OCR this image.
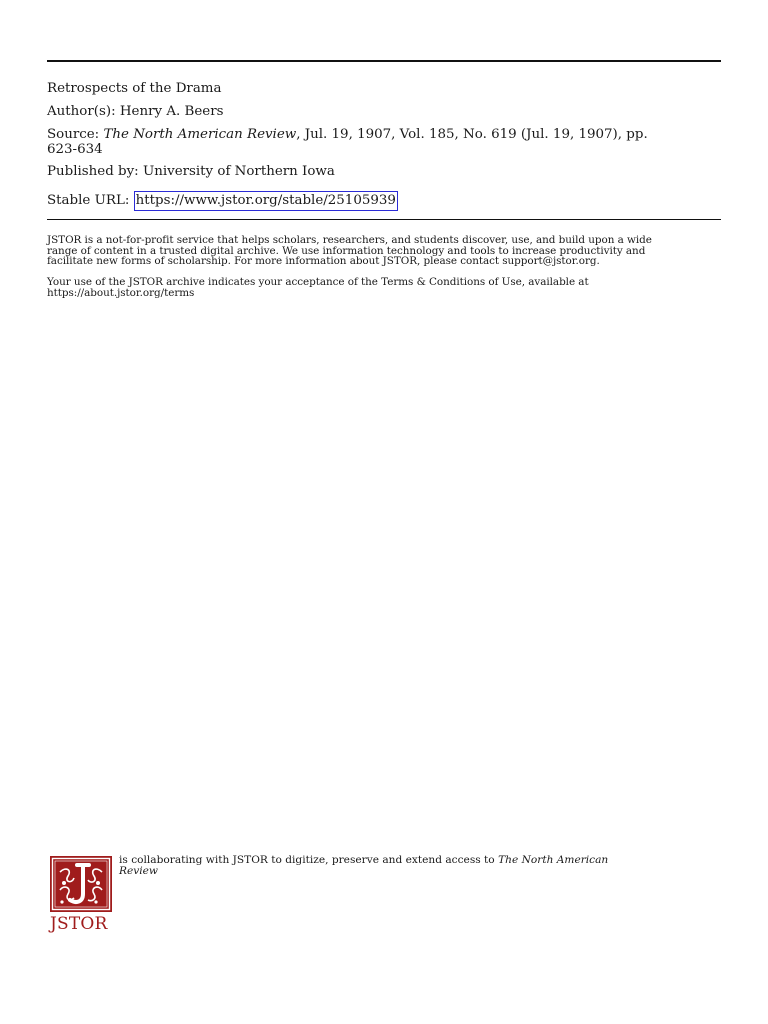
Retrospects of the Drama
Author(s): Henry A. Beers
Source: The North American Review, Jul. 19, 1907, Vol. 185, No. 619 (Jul. 19, 1907), pp.
623-634
Published by: University of Northern Iowa
Stable URL: https://www.jstor.org/stable/25105939
JSTOR is a not-for-profit service that helps scholars, researchers, and students discover, use, and build upon a wide
range of content in a trusted digital archive. We use information technology and tools to increase productivity and
facilitate new forms of scholarship. For more information about JSTOR, please contact support@jstor.org.
Your use of the JSTOR archive indicates your acceptance of the Terms & Conditions of Use, available at
https://about.jstor.org/terms
JSTOR
is collaborating with JSTOR to digitize, preserve and extend access to The North American
Review
